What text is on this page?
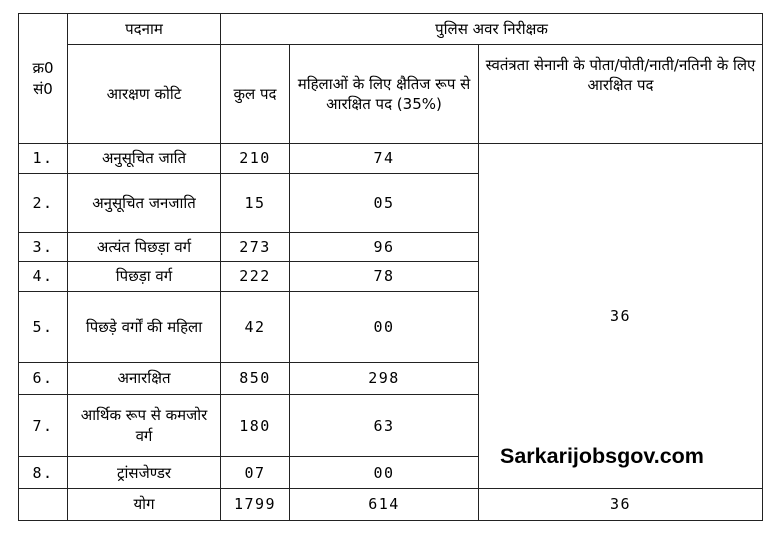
क्र0 सं0	पदनाम	पुलिस अवर निरीक्षक		
	आरक्षण कोटि	कुल पद	महिलाओं के लिए क्षैतिज रूप से आरक्षित पद (35%)	स्वतंत्रता सेनानी के पोता/पोती/नाती/नतिनी के लिए आरक्षित पद
1.	अनुसूचित जाति	210	74	36
2.	अनुसूचित जनजाति	15	05	
3.	अत्यंत पिछड़ा वर्ग	273	96	
4.	पिछड़ा वर्ग	222	78	
5.	पिछड़े वर्गों की महिला	42	00	
6.	अनारक्षित	850	298	
7.	आर्थिक रूप से कमजोर वर्ग	180	63	
8.	ट्रांसजेण्डर	07	00	
	योग	1799	614	36
Sarkarijobsgov.com
